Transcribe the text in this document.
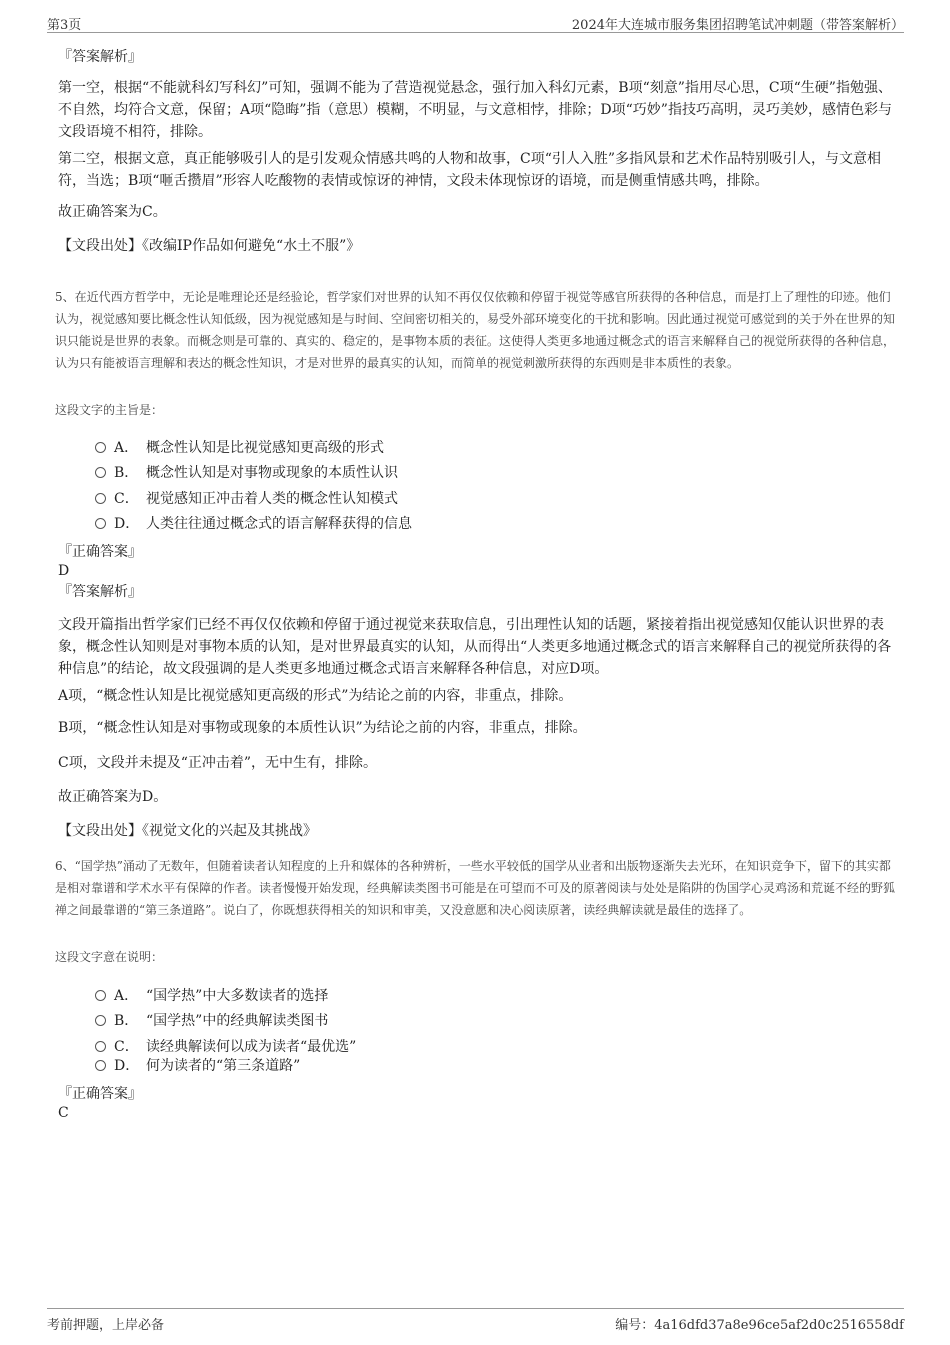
第3页	2024年大连城市服务集团招聘笔试冲刺题（带答案解析）

『答案解析』

第一空，根据“不能就科幻写科幻”可知，强调不能为了营造视觉悬念，强行加入科幻元素，B项“刻意”指用尽心思，C项“生硬”指勉强、不自然，均符合文意，保留；A项“隐晦”指（意思）模糊，不明显，与文意相悖，排除；D项“巧妙”指技巧高明，灵巧美妙，感情色彩与文段语境不相符，排除。

第二空，根据文意，真正能够吸引人的是引发观众情感共鸣的人物和故事，C项“引人入胜”多指风景和艺术作品特别吸引人，与文意相符，当选；B项“咂舌攒眉”形容人吃酸物的表情或惊讶的神情，文段未体现惊讶的语境，而是侧重情感共鸣，排除。

故正确答案为C。

【文段出处】《改编IP作品如何避免“水土不服”》

5、在近代西方哲学中，无论是唯理论还是经验论，哲学家们对世界的认知不再仅仅依赖和停留于视觉等感官所获得的各种信息，而是打上了理性的印迹。他们认为，视觉感知要比概念性认知低级，因为视觉感知是与时间、空间密切相关的，易受外部环境变化的干扰和影响。因此通过视觉可感觉到的关于外在世界的知识只能说是世界的表象。而概念则是可靠的、真实的、稳定的，是事物本质的表征。这使得人类更多地通过概念式的语言来解释自己的视觉所获得的各种信息，认为只有能被语言理解和表达的概念性知识，才是对世界的最真实的认知，而简单的视觉刺激所获得的东西则是非本质性的表象。

这段文字的主旨是：

A． 概念性认知是比视觉感知更高级的形式
B． 概念性认知是对事物或现象的本质性认识
C． 视觉感知正冲击着人类的概念性认知模式
D． 人类往往通过概念式的语言解释获得的信息

『正确答案』

D

『答案解析』

文段开篇指出哲学家们已经不再仅仅依赖和停留于通过视觉来获取信息，引出理性认知的话题，紧接着指出视觉感知仅能认识世界的表象，概念性认知则是对事物本质的认知，是对世界最真实的认知，从而得出“人类更多地通过概念式的语言来解释自己的视觉所获得的各种信息”的结论，故文段强调的是人类更多地通过概念式语言来解释各种信息，对应D项。

A项，“概念性认知是比视觉感知更高级的形式”为结论之前的内容，非重点，排除。

B项，“概念性认知是对事物或现象的本质性认识”为结论之前的内容，非重点，排除。

C项，文段并未提及“正冲击着”，无中生有，排除。

故正确答案为D。

【文段出处】《视觉文化的兴起及其挑战》

6、“国学热”涌动了无数年，但随着读者认知程度的上升和媒体的各种辨析，一些水平较低的国学从业者和出版物逐渐失去光环，在知识竞争下，留下的其实都是相对靠谱和学术水平有保障的作者。读者慢慢开始发现，经典解读类图书可能是在可望而不可及的原著阅读与处处是陷阱的伪国学心灵鸡汤和荒诞不经的野狐禅之间最靠谱的“第三条道路”。说白了，你既想获得相关的知识和审美，又没意愿和决心阅读原著，读经典解读就是最佳的选择了。

这段文字意在说明：

A． “国学热”中大多数读者的选择
B． “国学热”中的经典解读类图书
C． 读经典解读何以成为读者“最优选”
D． 何为读者的“第三条道路”

『正确答案』

C

考前押题，上岸必备	编号：4a16dfd37a8e96ce5af2d0c2516558df
